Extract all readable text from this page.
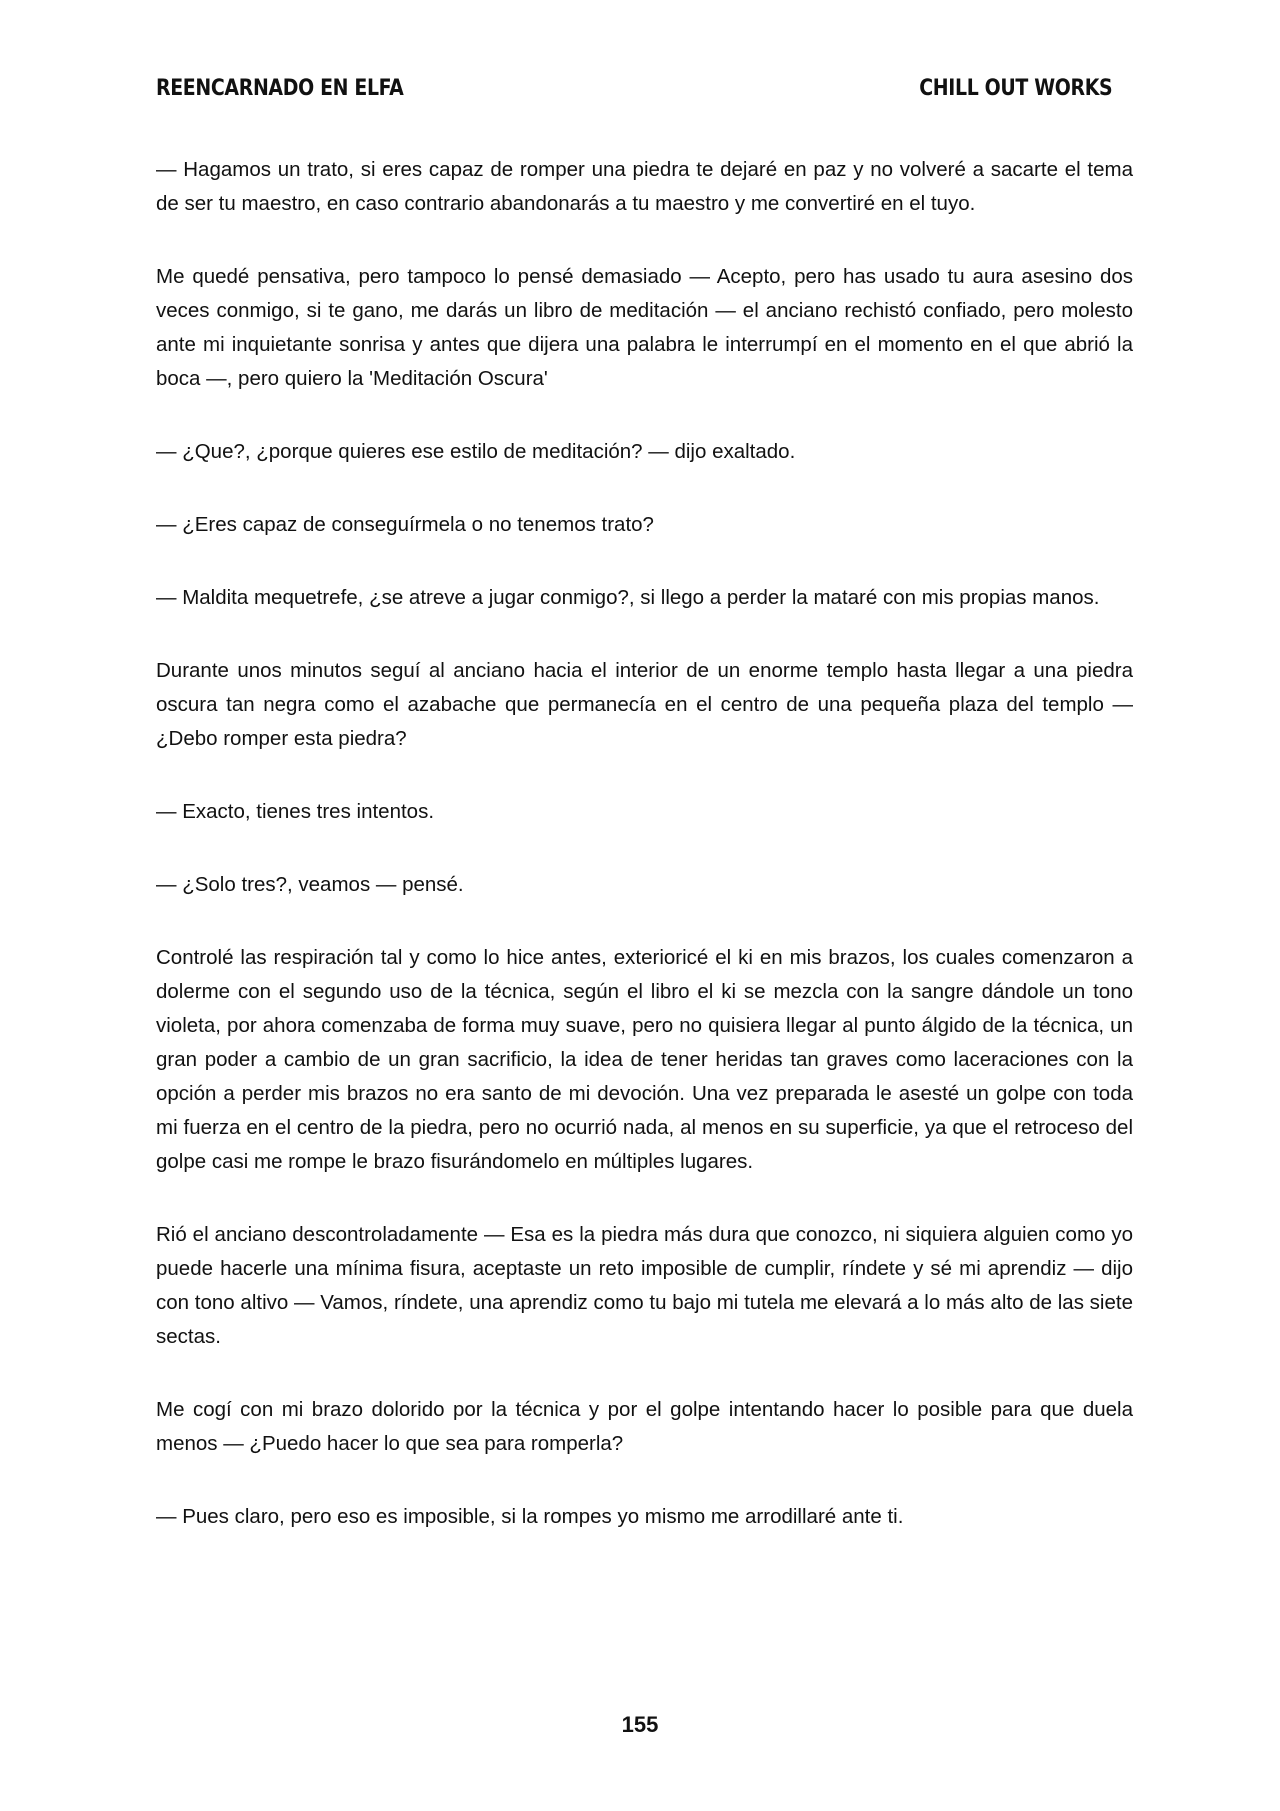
REENCARNADO EN ELFA	CHILL OUT WORKS

— Hagamos un trato, si eres capaz de romper una piedra te dejaré en paz y no volveré a sacarte el tema de ser tu maestro, en caso contrario abandonarás a tu maestro y me convertiré en el tuyo.

Me quedé pensativa, pero tampoco lo pensé demasiado — Acepto, pero has usado tu aura asesino dos veces conmigo, si te gano, me darás un libro de meditación — el anciano rechistó confiado, pero molesto ante mi inquietante sonrisa y antes que dijera una palabra le interrumpí en el momento en el que abrió la boca —, pero quiero la 'Meditación Oscura'

— ¿Que?, ¿porque quieres ese estilo de meditación? — dijo exaltado.

— ¿Eres capaz de conseguírmela o no tenemos trato?

— Maldita mequetrefe, ¿se atreve a jugar conmigo?, si llego a perder la mataré con mis propias manos.

Durante unos minutos seguí al anciano hacia el interior de un enorme templo hasta llegar a una piedra oscura tan negra como el azabache que permanecía en el centro de una pequeña plaza del templo — ¿Debo romper esta piedra?

— Exacto, tienes tres intentos.

— ¿Solo tres?, veamos — pensé.

Controlé las respiración tal y como lo hice antes, exterioricé el ki en mis brazos, los cuales comenzaron a dolerme con el segundo uso de la técnica, según el libro el ki se mezcla con la sangre dándole un tono violeta, por ahora comenzaba de forma muy suave, pero no quisiera llegar al punto álgido de la técnica, un gran poder a cambio de un gran sacrificio, la idea de tener heridas tan graves como laceraciones con la opción a perder mis brazos no era santo de mi devoción. Una vez preparada le asesté un golpe con toda mi fuerza en el centro de la piedra, pero no ocurrió nada, al menos en su superficie, ya que el retroceso del golpe casi me rompe le brazo fisurándomelo en múltiples lugares.

Rió el anciano descontroladamente — Esa es la piedra más dura que conozco, ni siquiera alguien como yo puede hacerle una mínima fisura, aceptaste un reto imposible de cumplir, ríndete y sé mi aprendiz — dijo con tono altivo — Vamos, ríndete, una aprendiz como tu bajo mi tutela me elevará a lo más alto de las siete sectas.

Me cogí con mi brazo dolorido por la técnica y por el golpe intentando hacer lo posible para que duela menos — ¿Puedo hacer lo que sea para romperla?

— Pues claro, pero eso es imposible, si la rompes yo mismo me arrodillaré ante ti.

155
